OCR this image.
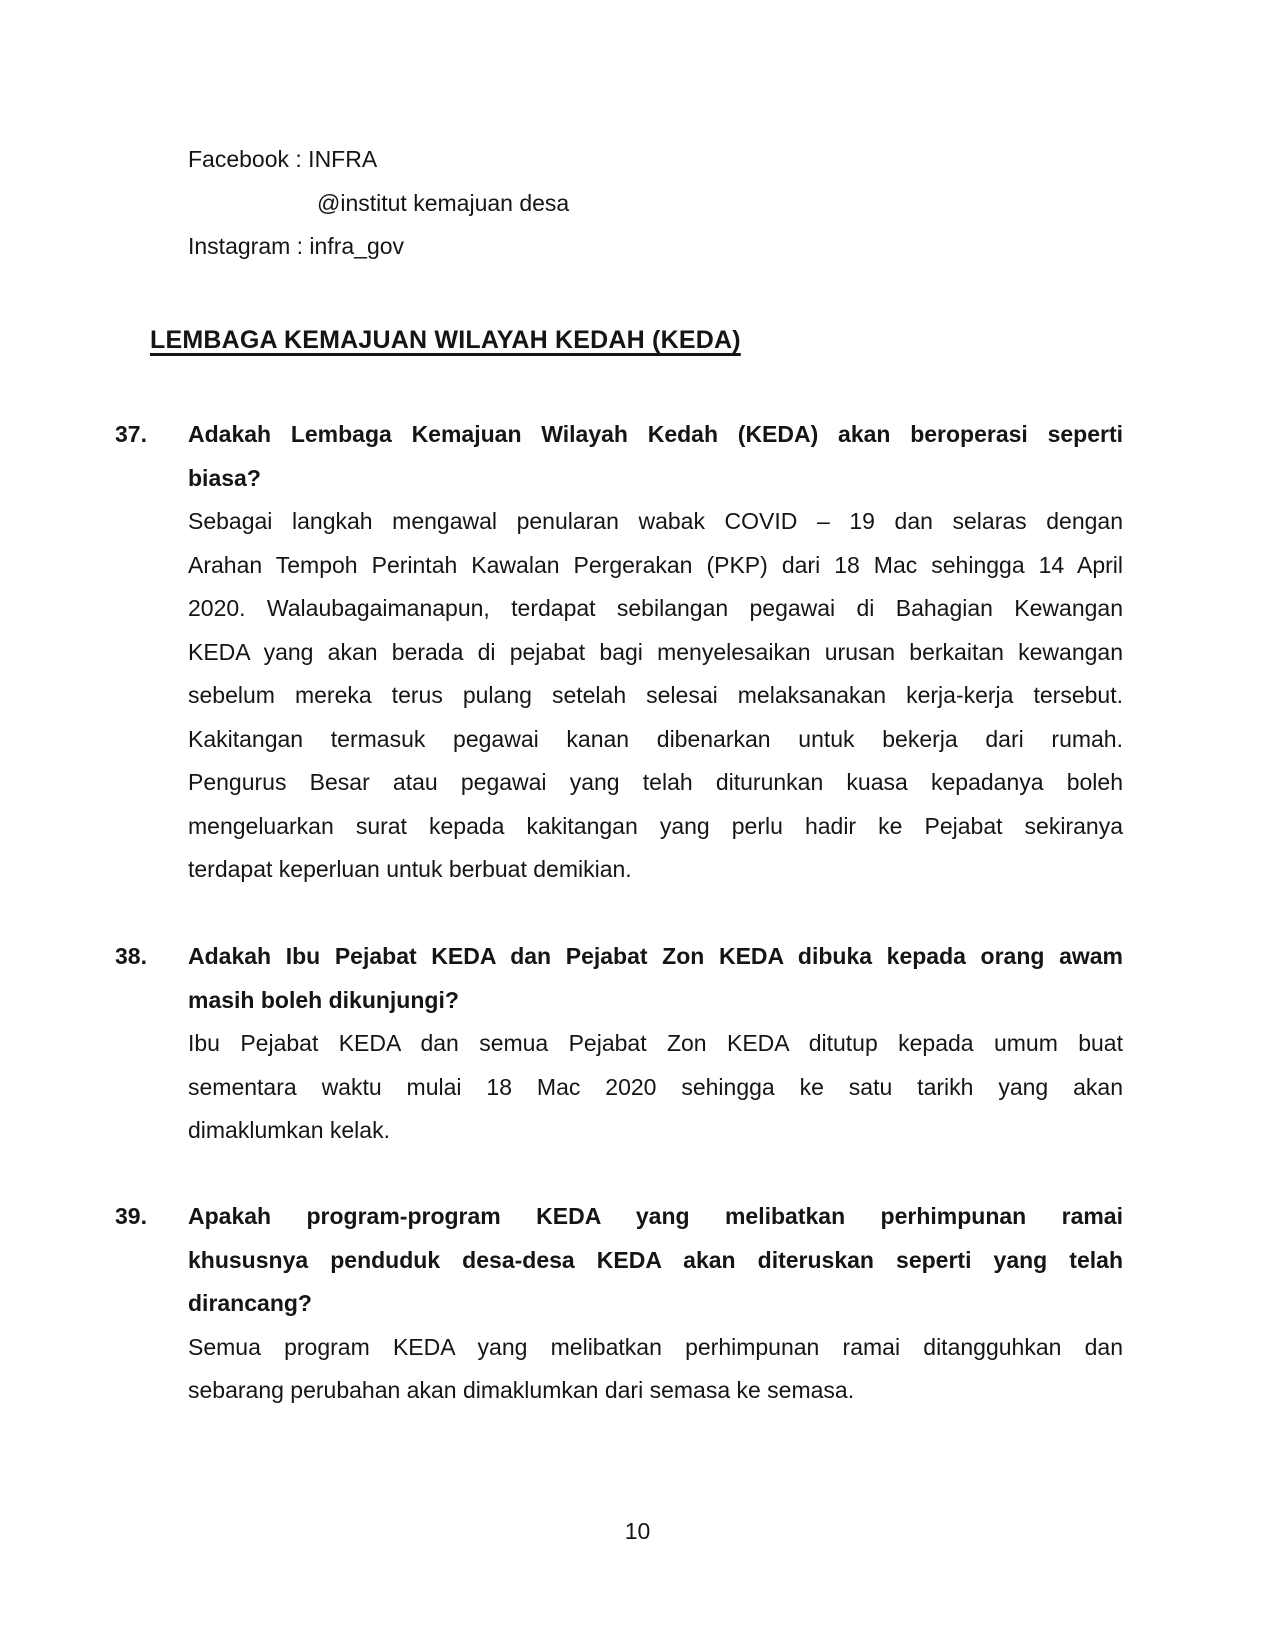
Facebook : INFRA
@institut kemajuan desa
Instagram : infra_gov
LEMBAGA KEMAJUAN WILAYAH KEDAH (KEDA)
37. Adakah Lembaga Kemajuan Wilayah Kedah (KEDA) akan beroperasi seperti
biasa?
Sebagai langkah mengawal penularan wabak COVID – 19 dan selaras dengan
Arahan Tempoh Perintah Kawalan Pergerakan (PKP) dari 18 Mac sehingga 14 April
2020. Walaubagaimanapun, terdapat sebilangan pegawai di Bahagian Kewangan
KEDA yang akan berada di pejabat bagi menyelesaikan urusan berkaitan kewangan
sebelum mereka terus pulang setelah selesai melaksanakan kerja-kerja tersebut.
Kakitangan termasuk pegawai kanan dibenarkan untuk bekerja dari rumah.
Pengurus Besar atau pegawai yang telah diturunkan kuasa kepadanya boleh
mengeluarkan surat kepada kakitangan yang perlu hadir ke Pejabat sekiranya
terdapat keperluan untuk berbuat demikian.
38. Adakah Ibu Pejabat KEDA dan Pejabat Zon KEDA dibuka kepada orang awam
masih boleh dikunjungi?
Ibu Pejabat KEDA dan semua Pejabat Zon KEDA ditutup kepada umum buat
sementara waktu mulai 18 Mac 2020 sehingga ke satu tarikh yang akan
dimaklumkan kelak.
39. Apakah program-program KEDA yang melibatkan perhimpunan ramai
khususnya penduduk desa-desa KEDA akan diteruskan seperti yang telah
dirancang?
Semua program KEDA yang melibatkan perhimpunan ramai ditangguhkan dan
sebarang perubahan akan dimaklumkan dari semasa ke semasa.
10
